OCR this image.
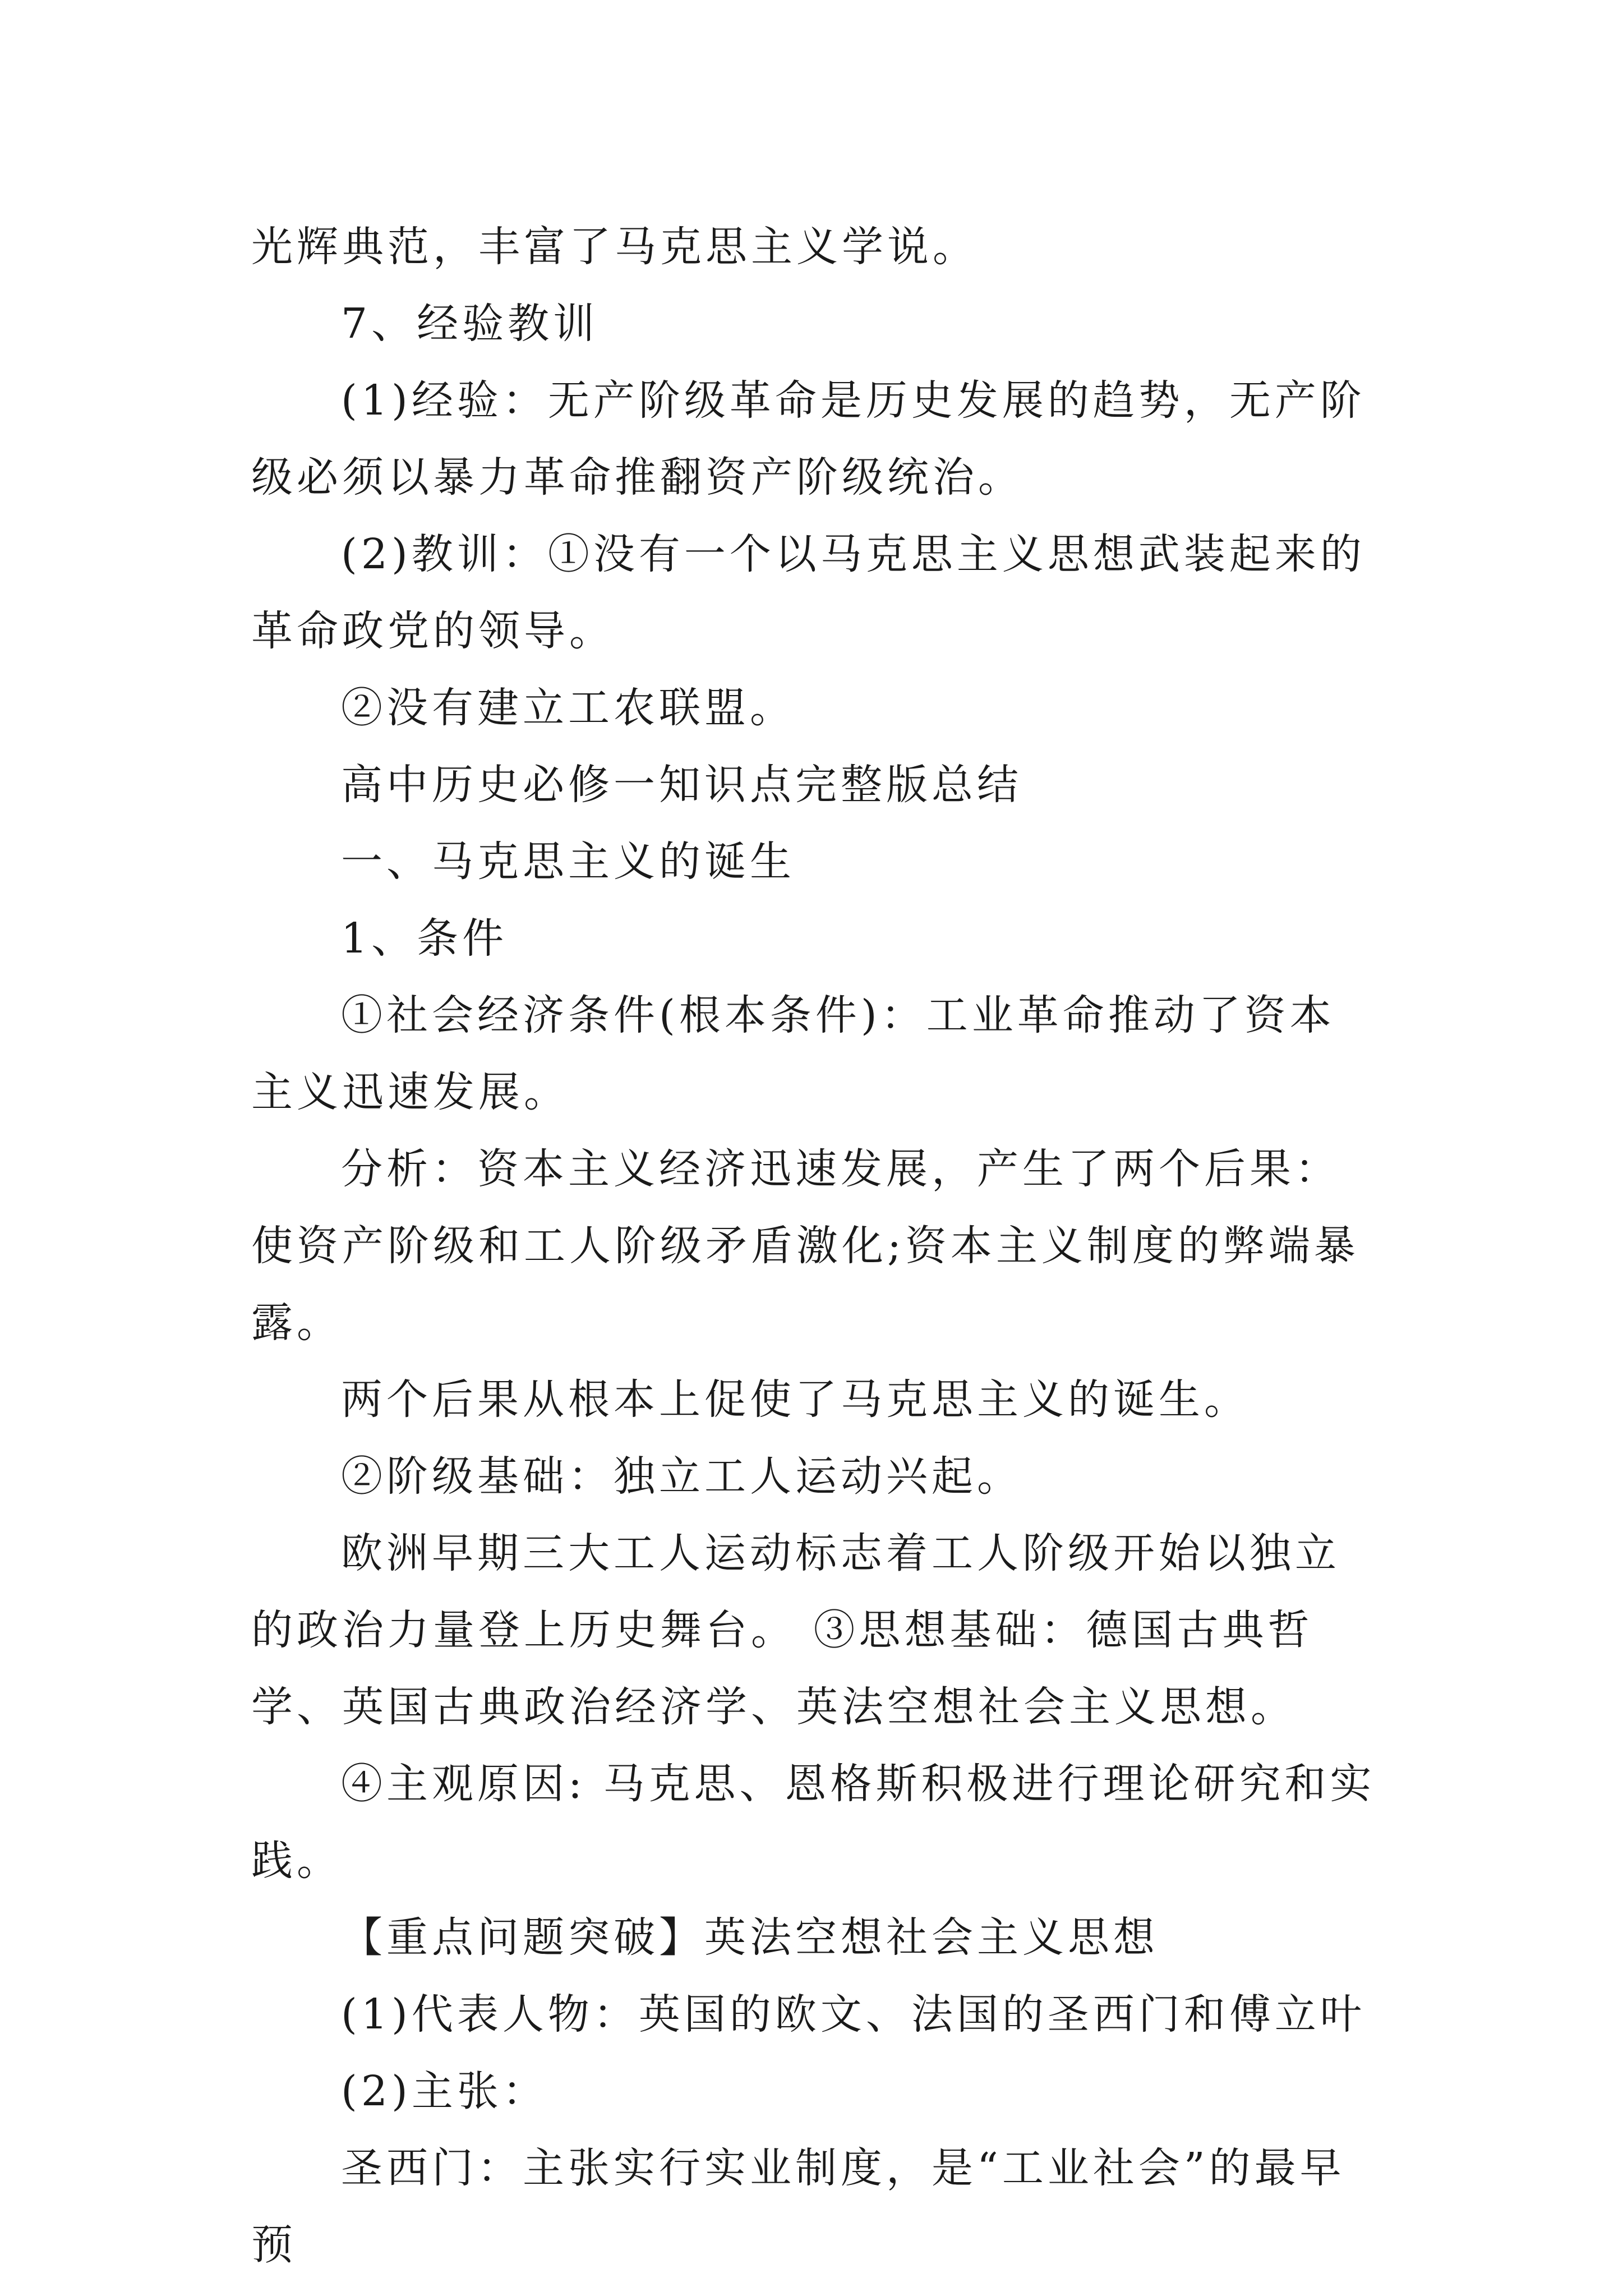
光辉典范，丰富了马克思主义学说。

7、经验教训

(1)经验：无产阶级革命是历史发展的趋势，无产阶级必须以暴力革命推翻资产阶级统治。

(2)教训：①没有一个以马克思主义思想武装起来的革命政党的领导。

②没有建立工农联盟。

高中历史必修一知识点完整版总结

一、马克思主义的诞生

1、条件

①社会经济条件(根本条件)：工业革命推动了资本主义迅速发展。

分析：资本主义经济迅速发展，产生了两个后果：使资产阶级和工人阶级矛盾激化;资本主义制度的弊端暴露。

两个后果从根本上促使了马克思主义的诞生。

②阶级基础：独立工人运动兴起。

欧洲早期三大工人运动标志着工人阶级开始以独立的政治力量登上历史舞台。 ③思想基础：德国古典哲学、英国古典政治经济学、英法空想社会主义思想。

④主观原因: 马克思、恩格斯积极进行理论研究和实践。

【重点问题突破】英法空想社会主义思想

(1)代表人物：英国的欧文、法国的圣西门和傅立叶

(2)主张：

圣西门：主张实行实业制度，是“工业社会”的最早预
